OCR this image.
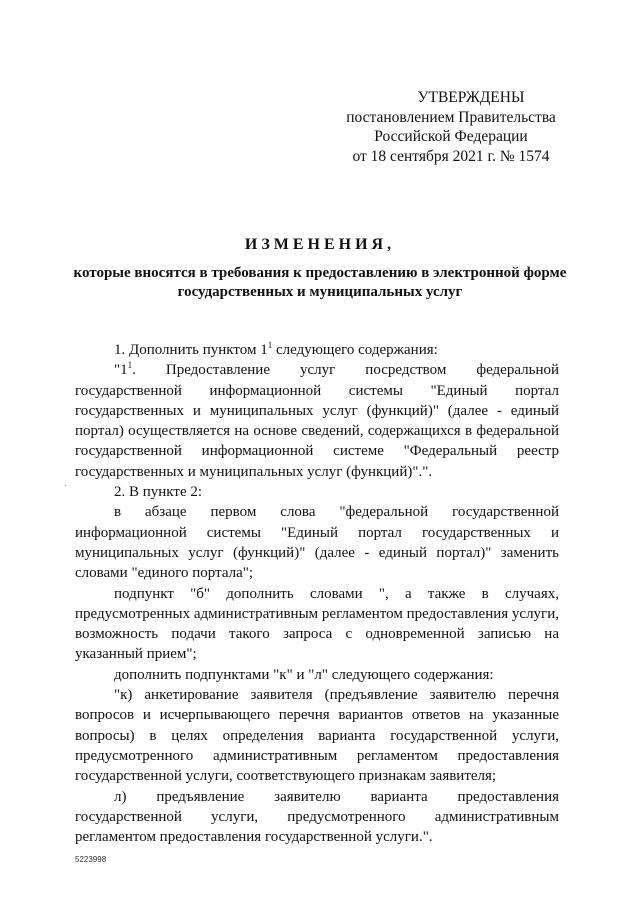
УТВЕРЖДЕНЫ
постановлением Правительства
Российской Федерации
от 18 сентября 2021 г. № 1574
ИЗМЕНЕНИЯ,
которые вносятся в требования к предоставлению в электронной форме государственных и муниципальных услуг

1. Дополнить пунктом $1^1$ следующего содержания:

"$1^1$. Предоставление услуг посредством федеральной государственной информационной системы "Единый портал государственных и муниципальных услуг (функций)" (далее - единый портал) осуществляется на основе сведений, содержащихся в федеральной государственной информационной системе "Федеральный реестр государственных и муниципальных услуг (функций)".".

2. В пункте 2:

в абзаце первом слова "федеральной государственной информационной системы "Единый портал государственных и муниципальных услуг (функций)" (далее - единый портал)" заменить словами "единого портала";

подпункт "б" дополнить словами ", а также в случаях, предусмотренных административным регламентом предоставления услуги, возможность подачи такого запроса с одновременной записью на указанный прием";

дополнить подпунктами "к" и "л" следующего содержания:

"к) анкетирование заявителя (предъявление заявителю перечня вопросов и исчерпывающего перечня вариантов ответов на указанные вопросы) в целях определения варианта государственной услуги, предусмотренного административным регламентом предоставления государственной услуги, соответствующего признакам заявителя;

л) предъявление заявителю варианта предоставления государственной услуги, предусмотренного административным регламентом предоставления государственной услуги.".

·
5223998
